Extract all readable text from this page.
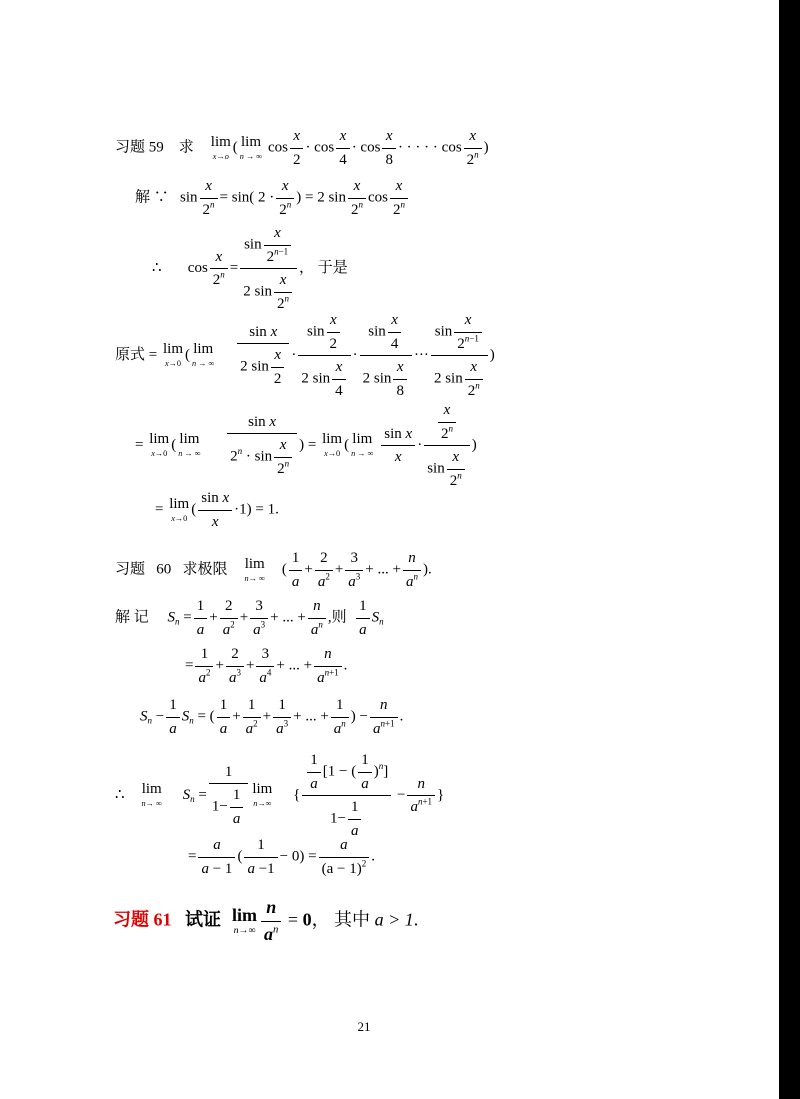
习题 59 求 lim
x→o
( lim
n → ∞
$\cos \frac{x}{2} \cdot \cos \frac{x}{4} \cdot \cos \frac{x}{8}$ · · · · · $\cos \frac{x}{2^n}$ )
解 ∵   $\sin \frac{x}{2^n} = \sin$( $2 \cdot \frac{x}{2^n}$ ) = 2 $\sin \frac{x}{2^n}$ $\cos \frac{x}{2^n}$
∴       $\cos \frac{x}{2^n} = \frac{\sin \frac{x}{2^{n-1}}}{2 \sin \frac{x}{2^n}}$ ， 于是
原式 = lim
x→0
( lim
n → ∞
$\frac{\text{sin x}}{2 \sin \frac{x}{2}} \cdot \frac{\sin \frac{x}{2}}{2 \sin \frac{x}{4}} \cdot \frac{\sin \frac{x}{4}}{2 \sin \frac{x}{8}}$ ··· $\frac{\sin \frac{x}{2^{n-1}}}{2 \sin \frac{x}{2^n}}$ )
= lim
x→0
( lim
n → ∞
$\frac{\text{sin x}}{2^n \cdot \sin \frac{x}{2^n}}$ ) = lim
x→0
( lim
n → ∞
$\frac{\text{sin x}}{x} \cdot \frac{\frac{x}{2^n}}{\sin \frac{x}{2^n}}$ )
= lim
x→0
( $\frac{\text{sin x}}{x} \cdot 1) = 1$.
习题 60 求极限 lim
n→ ∞
( $\frac{1}{a} + \frac{2}{a^2} + \frac{3}{a^3}$ + ... + $\frac{n}{a^n}$ ).
解 记 $S_n = \frac{1}{a} + \frac{2}{a^2} + \frac{3}{a^3}$ + ... + $\frac{n}{a^n}$ ,则 $\frac{1}{a} S_n$
= $\frac{1}{a^2} + \frac{2}{a^3} + \frac{3}{a^4}$ + ... + $\frac{n}{a^{n+1}}$ .
$S_n - \frac{1}{a} S_n$ = ( $\frac{1}{a} + \frac{1}{a^2} + \frac{1}{a^3}$ + ... + $\frac{1}{a^n}$ ) − $\frac{n}{a^{n+1}}$ .
∴ lim
n→ ∞
$S_n = \frac{1}{1- \frac{1}{a}}$ lim
n→∞
{ $\frac{\frac{1}{a} [1 - ( \frac{1}{a} )^n]}{1- \frac{1}{a}} - \frac{n}{a^{n+1}}$ }
= $\frac{a}{a - 1}$ ( $\frac{1}{a -1} - 0) = \frac{a}{(a - 1)^2}$ .
习题 61 试证 lim
$n\to\infty \frac{n}{a^n} = 0$， 其中 a > 1.
21
